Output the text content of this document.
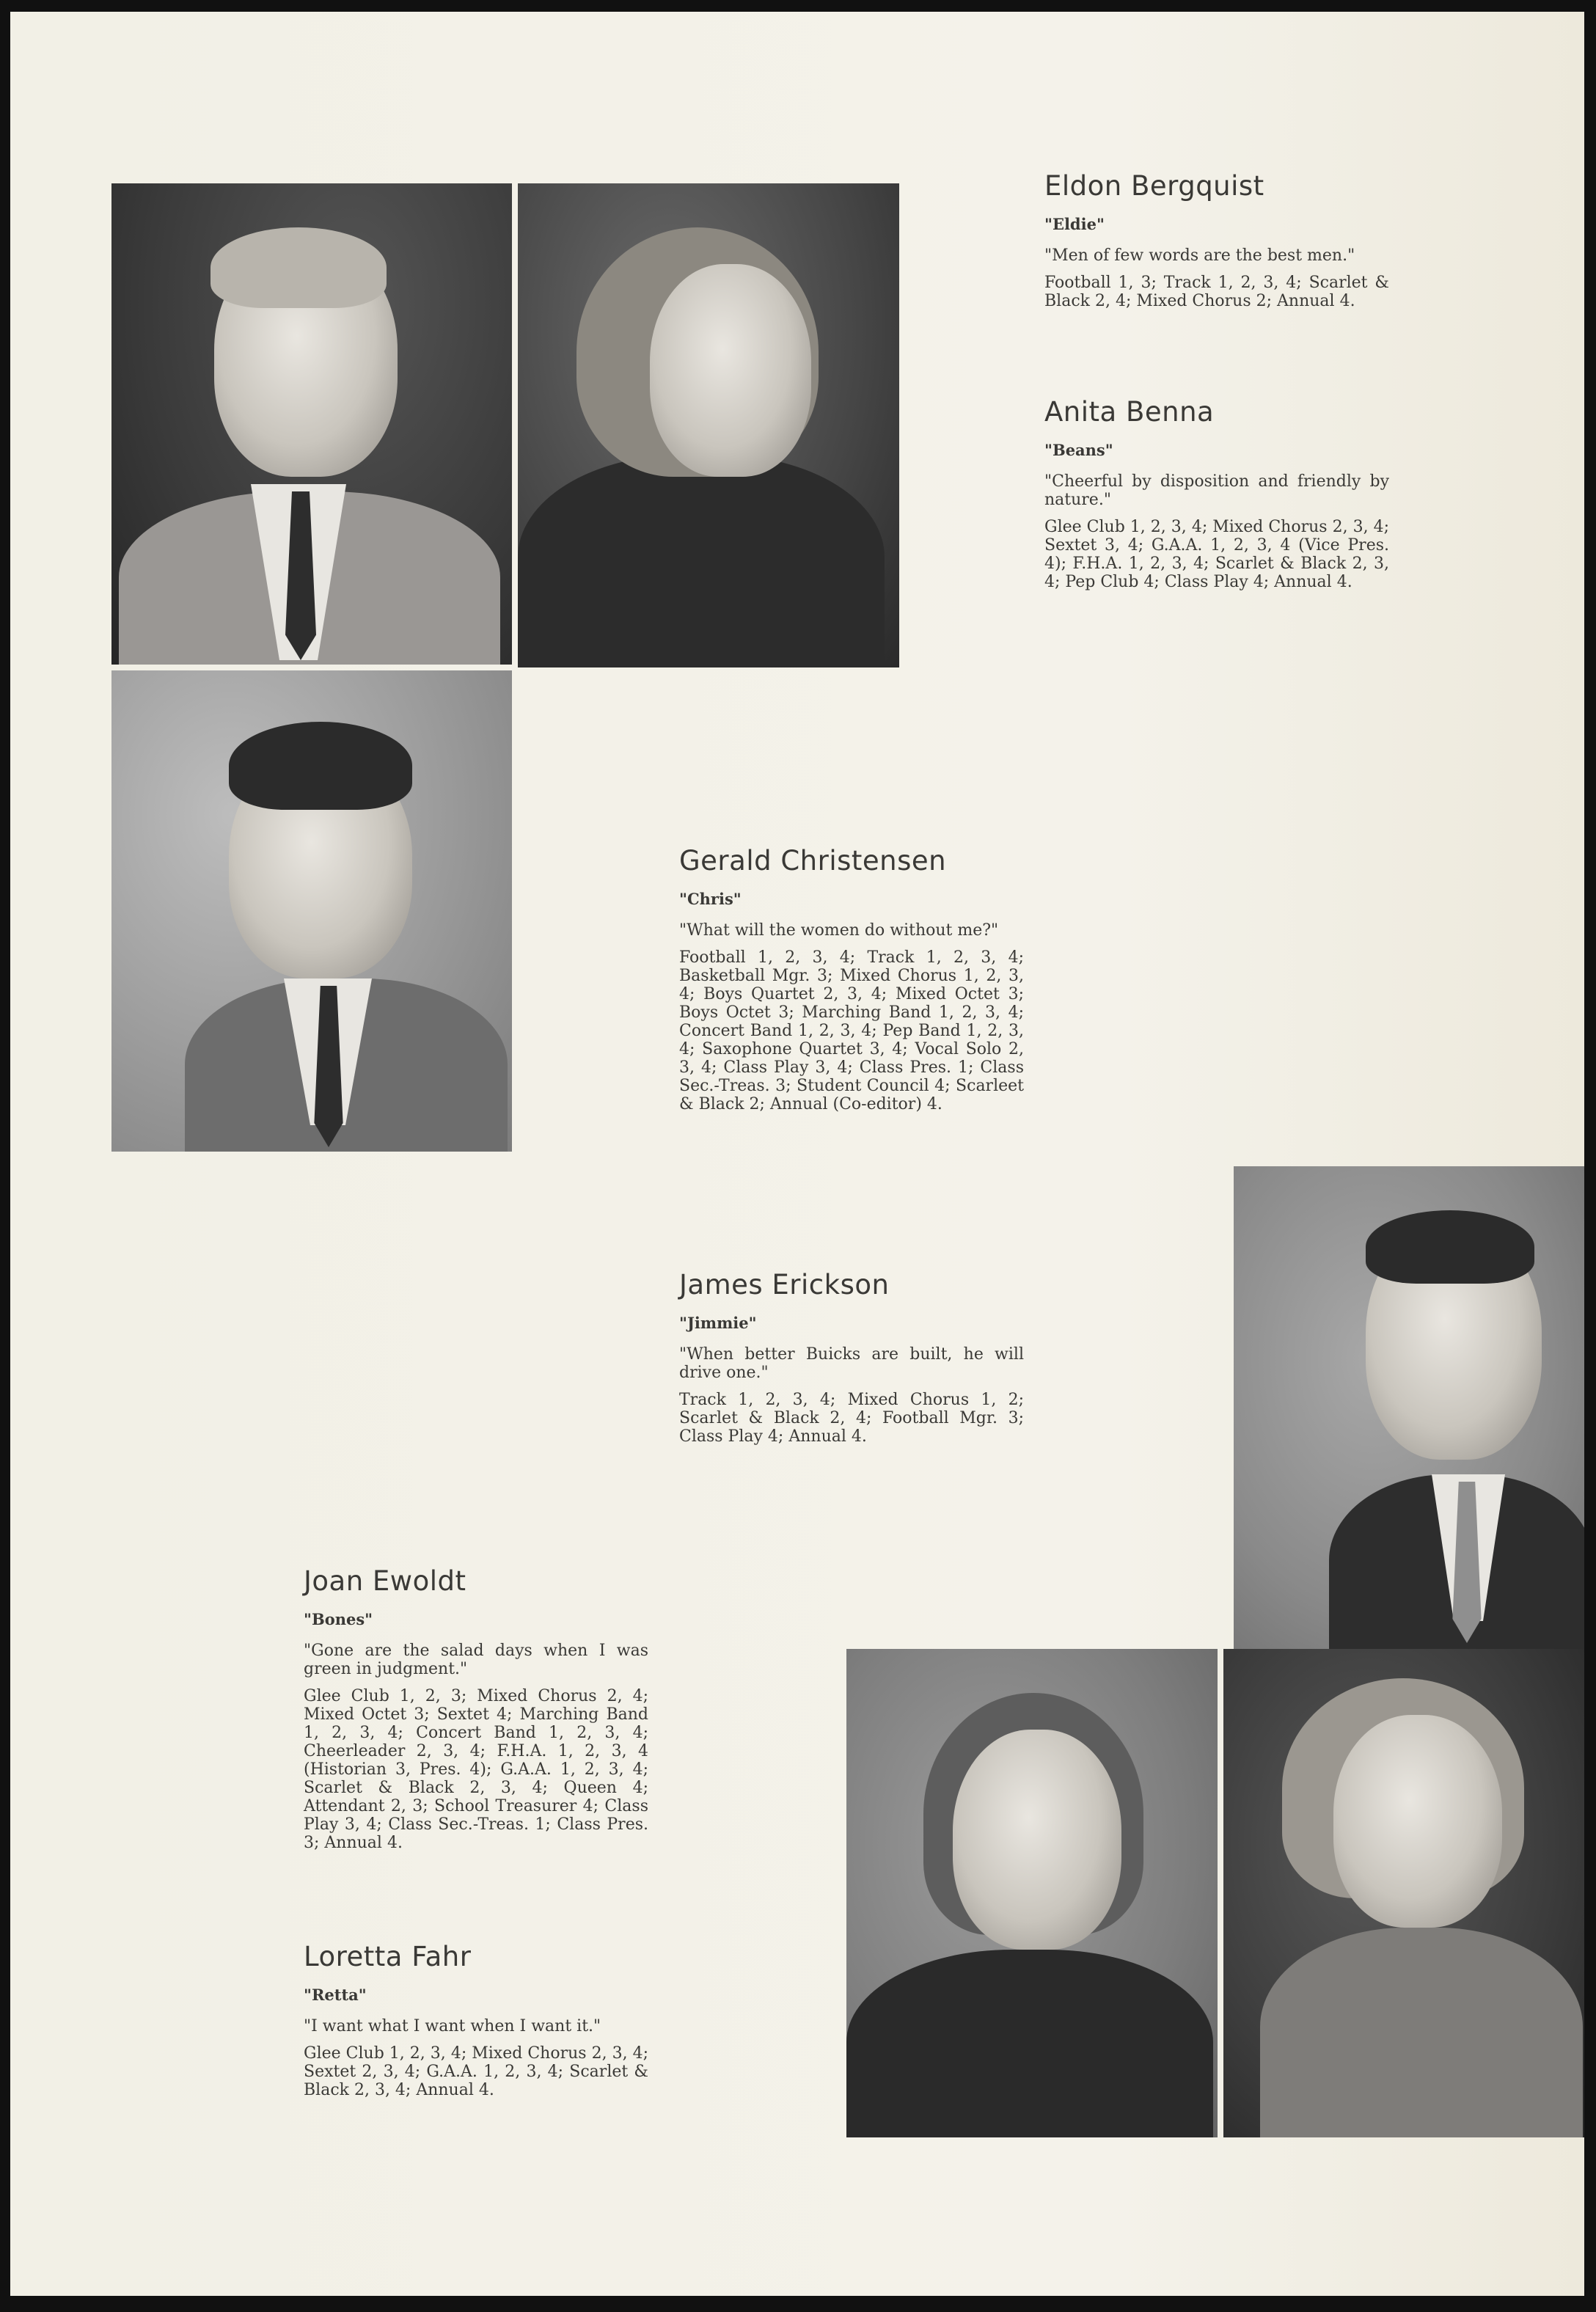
Eldon Bergquist

"Eldie"

"Men of few words are the best men."

Football 1, 3; Track 1, 2, 3, 4; Scarlet & Black 2, 4; Mixed Chorus 2; Annual 4.

Anita Benna

"Beans"

"Cheerful by disposition and friendly by nature."

Glee Club 1, 2, 3, 4; Mixed Chorus 2, 3, 4; Sextet 3, 4; G.A.A. 1, 2, 3, 4 (Vice Pres. 4); F.H.A. 1, 2, 3, 4; Scarlet & Black 2, 3, 4; Pep Club 4; Class Play 4; Annual 4.

Gerald Christensen

"Chris"

"What will the women do without me?"

Football 1, 2, 3, 4; Track 1, 2, 3, 4; Basketball Mgr. 3; Mixed Chorus 1, 2, 3, 4; Boys Quartet 2, 3, 4; Mixed Octet 3; Boys Octet 3; Marching Band 1, 2, 3, 4; Concert Band 1, 2, 3, 4; Pep Band 1, 2, 3, 4; Saxophone Quartet 3, 4; Vocal Solo 2, 3, 4; Class Play 3, 4; Class Pres. 1; Class Sec.-Treas. 3; Student Council 4; Scarleet & Black 2; Annual (Co-editor) 4.

James Erickson

"Jimmie"

"When better Buicks are built, he will drive one."

Track 1, 2, 3, 4; Mixed Chorus 1, 2; Scarlet & Black 2, 4; Football Mgr. 3; Class Play 4; Annual 4.

Joan Ewoldt

"Bones"

"Gone are the salad days when I was green in judgment."

Glee Club 1, 2, 3; Mixed Chorus 2, 4; Mixed Octet 3; Sextet 4; Marching Band 1, 2, 3, 4; Concert Band 1, 2, 3, 4; Cheerleader 2, 3, 4; F.H.A. 1, 2, 3, 4 (Historian 3, Pres. 4); G.A.A. 1, 2, 3, 4; Scarlet & Black 2, 3, 4; Queen 4; Attendant 2, 3; School Treasurer 4; Class Play 3, 4; Class Sec.-Treas. 1; Class Pres. 3; Annual 4.

Loretta Fahr

"Retta"

"I want what I want when I want it."

Glee Club 1, 2, 3, 4; Mixed Chorus 2, 3, 4; Sextet 2, 3, 4; G.A.A. 1, 2, 3, 4; Scarlet & Black 2, 3, 4; Annual 4.
